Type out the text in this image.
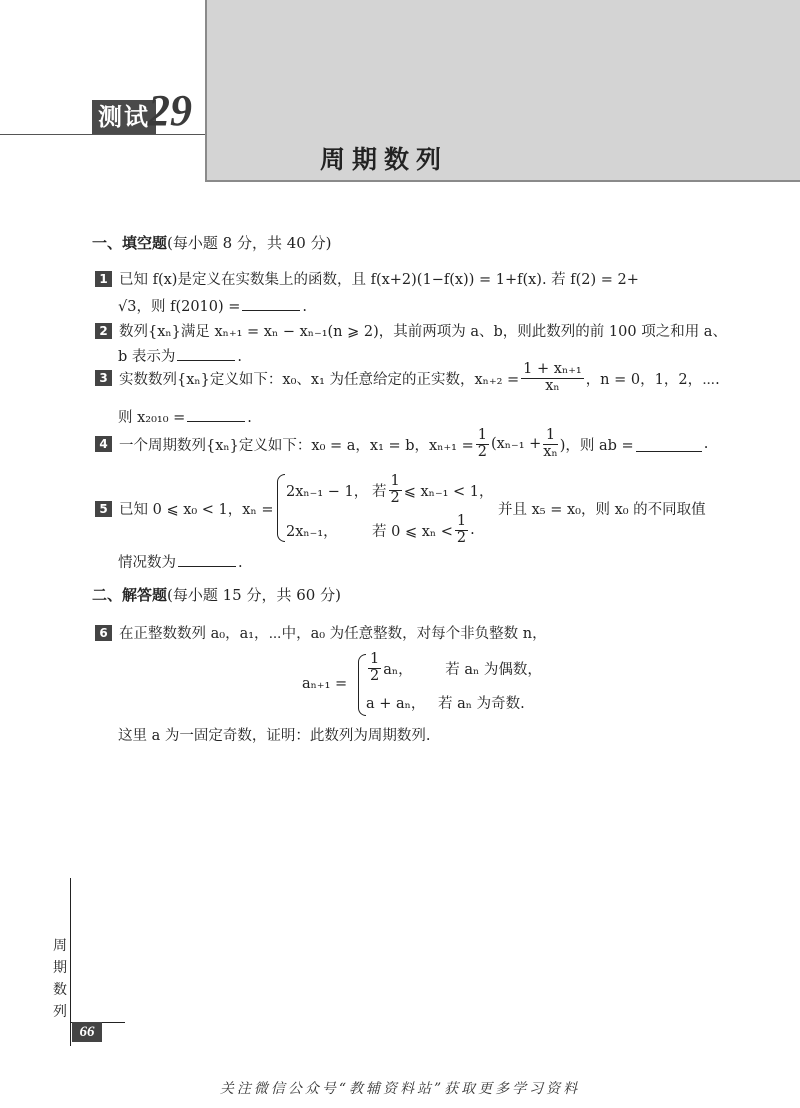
测试
29
周期数列
一、填空题(每小题 8 分，共 40 分)
1 已知 f(x)是定义在实数集上的函数，且 f(x+2)(1−f(x)) = 1+f(x). 若 f(2) = 2+
√3，则 f(2010) =	.
2 数列{xₙ}满足 xₙ₊₁ = xₙ − xₙ₋₁(n ⩾ 2)，其前两项为 a、b，则此数列的前 100 项之和用 a、
b 表示为	.
3 实数数列{xₙ}定义如下：x₀、x₁ 为任意给定的正实数，$x_{n+2} = \frac{\text{1 + xₙ₊₁}}{\text{xₙ}}$ ，n = 0，1，2，⋯.
则 x₂₀₁₀ =	.
4 一个周期数列{xₙ}定义如下：x₀ = a，x₁ = b，$x_{n+1} = \frac{1}{2} (x_{n-1} + \frac{1}{\text{xₙ}}$ )，则 ab =	.
5 已知 0 ⩽ x₀ < 1，xₙ =
2xₙ₋₁ − 1， 若 $\frac{1}{2}$ ⩽ xₙ₋₁ < 1，
2xₙ₋₁，	若 0 ⩽ $x_n < \frac{1}{2}$ .
并且 x₅ = x₀，则 x₀ 的不同取值
情况数为	.
二、解答题(每小题 15 分，共 60 分)
6 在正整数数列 a₀，a₁，⋯中，a₀ 为任意整数，对每个非负整数 n，
$a_{n+1} = \frac{1}{2}$ aₙ，	若 aₙ 为偶数，
a + aₙ， 若 aₙ 为奇数.
这里 a 为一固定奇数，证明：此数列为周期数列.
周
期
数
列
66
关注微信公众号“教辅资料站”获取更多学习资料
